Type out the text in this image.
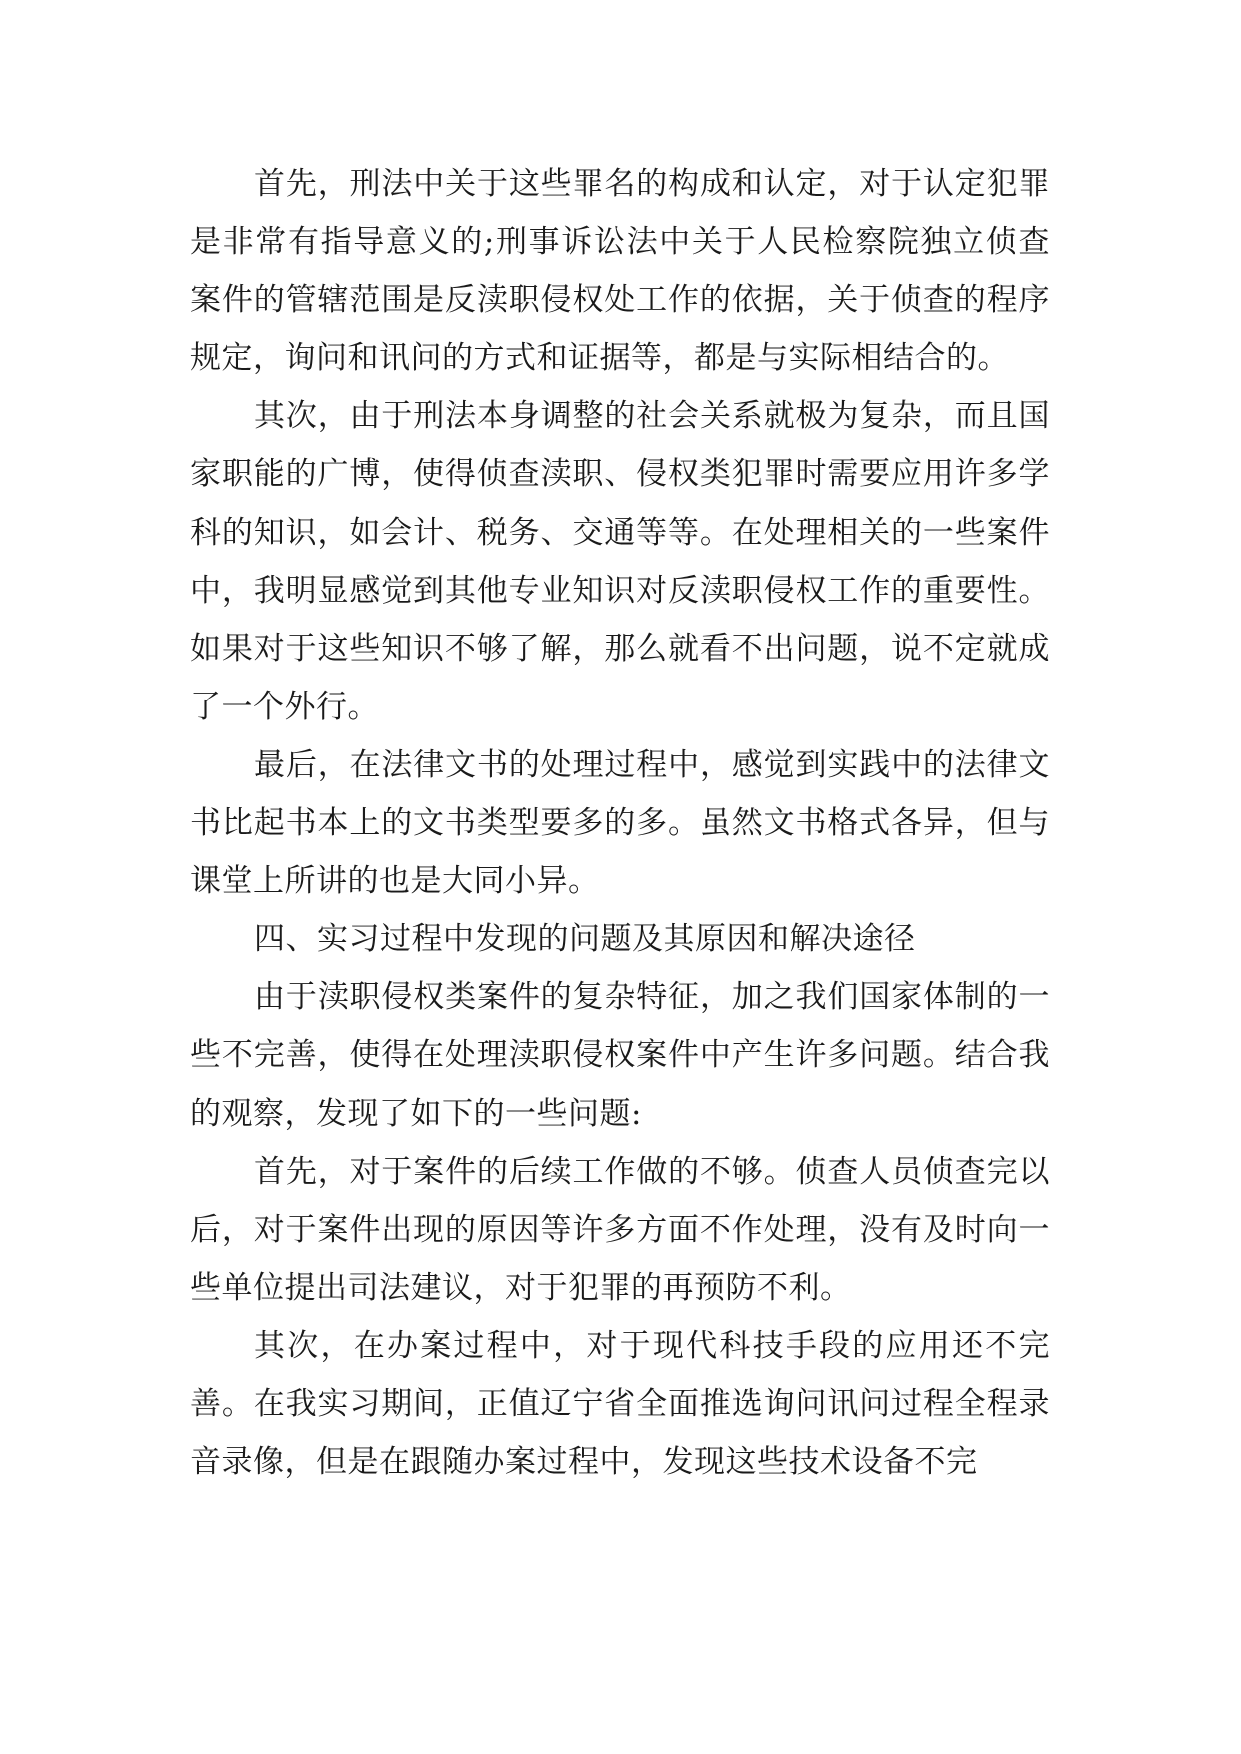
首先，刑法中关于这些罪名的构成和认定，对于认定犯罪是非常有指导意义的;刑事诉讼法中关于人民检察院独立侦查案件的管辖范围是反渎职侵权处工作的依据，关于侦查的程序规定，询问和讯问的方式和证据等，都是与实际相结合的。

其次，由于刑法本身调整的社会关系就极为复杂，而且国家职能的广博，使得侦查渎职、侵权类犯罪时需要应用许多学科的知识，如会计、税务、交通等等。在处理相关的一些案件中，我明显感觉到其他专业知识对反渎职侵权工作的重要性。如果对于这些知识不够了解，那么就看不出问题，说不定就成了一个外行。

最后，在法律文书的处理过程中，感觉到实践中的法律文书比起书本上的文书类型要多的多。虽然文书格式各异，但与课堂上所讲的也是大同小异。

四、实习过程中发现的问题及其原因和解决途径

由于渎职侵权类案件的复杂特征，加之我们国家体制的一些不完善，使得在处理渎职侵权案件中产生许多问题。结合我的观察，发现了如下的一些问题:

首先，对于案件的后续工作做的不够。侦查人员侦查完以后，对于案件出现的原因等许多方面不作处理，没有及时向一些单位提出司法建议，对于犯罪的再预防不利。

其次，在办案过程中，对于现代科技手段的应用还不完善。在我实习期间，正值辽宁省全面推选询问讯问过程全程录音录像，但是在跟随办案过程中，发现这些技术设备不完
